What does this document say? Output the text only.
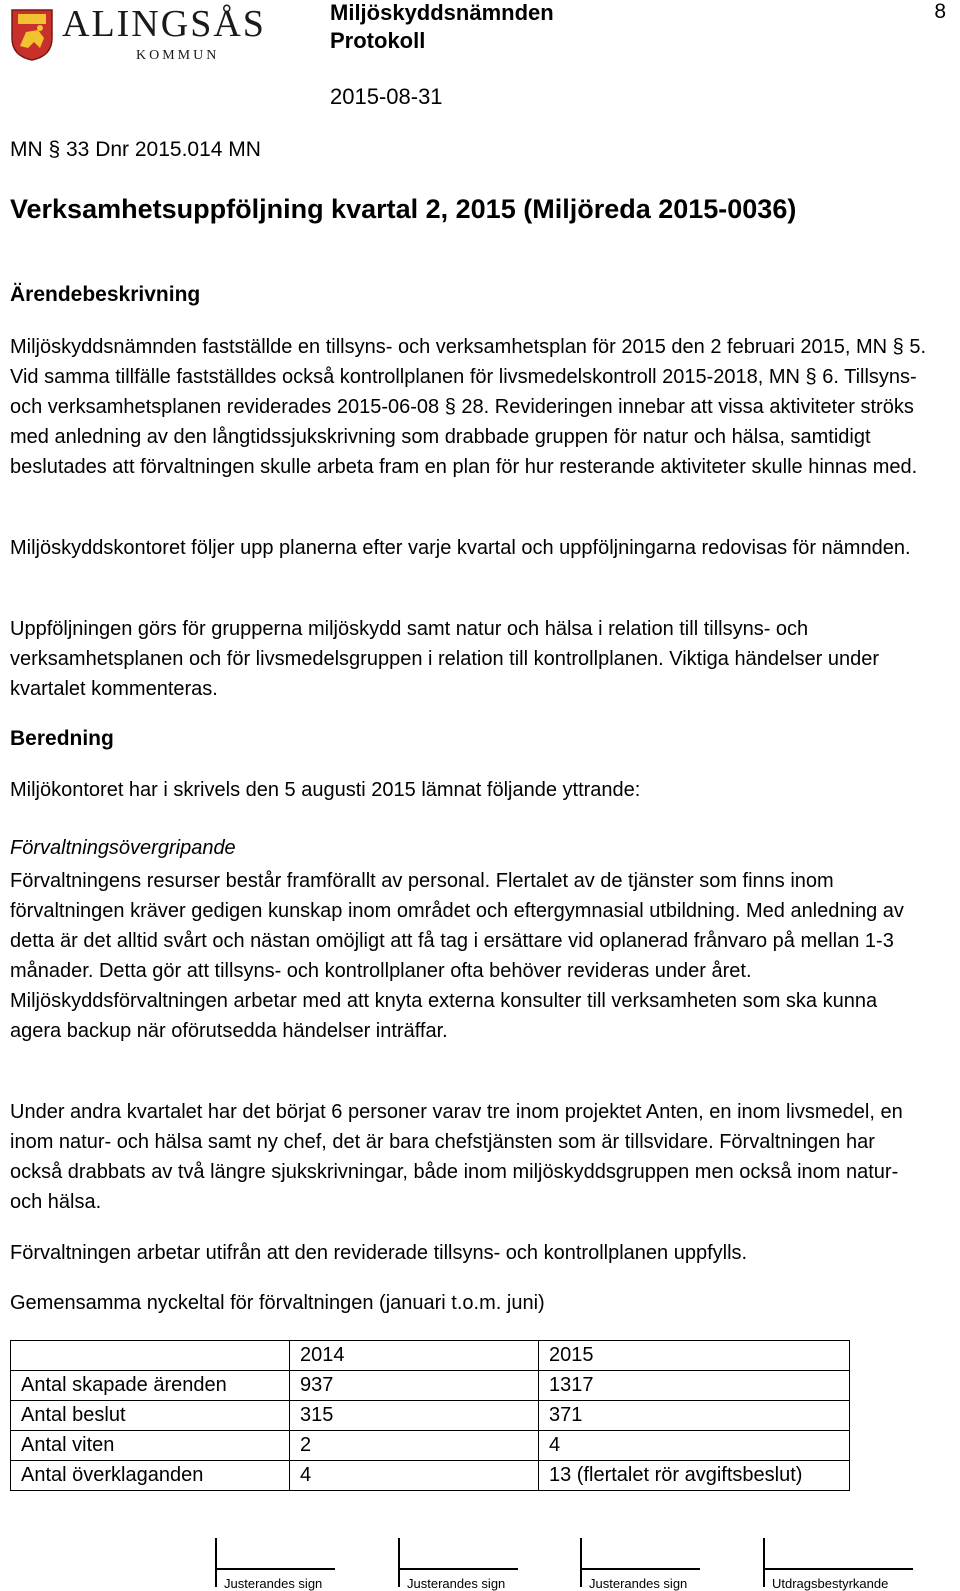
ALINGSÅS
KOMMUN
Miljöskyddsnämnden
Protokoll
8
2015-08-31
MN § 33 Dnr 2015.014 MN
Verksamhetsuppföljning kvartal 2, 2015 (Miljöreda 2015-0036)
Ärendebeskrivning

Miljöskyddsnämnden fastställde en tillsyns- och verksamhetsplan för 2015 den 2 februari 2015, MN § 5. Vid samma tillfälle fastställdes också kontrollplanen för livsmedelskontroll 2015-2018, MN § 6. Tillsyns- och verksamhetsplanen reviderades 2015-06-08 § 28. Revideringen innebar att vissa aktiviteter ströks med anledning av den långtidssjukskrivning som drabbade gruppen för natur och hälsa, samtidigt beslutades att förvaltningen skulle arbeta fram en plan för hur resterande aktiviteter skulle hinnas med.

Miljöskyddskontoret följer upp planerna efter varje kvartal och uppföljningarna redovisas för nämnden.

Uppföljningen görs för grupperna miljöskydd samt natur och hälsa i relation till tillsyns- och verksamhetsplanen och för livsmedelsgruppen i relation till kontrollplanen. Viktiga händelser under kvartalet kommenteras.

Beredning

Miljökontoret har i skrivels den 5 augusti 2015 lämnat följande yttrande:

Förvaltningsövergripande

Förvaltningens resurser består framförallt av personal. Flertalet av de tjänster som finns inom förvaltningen kräver gedigen kunskap inom området och eftergymnasial utbildning. Med anledning av detta är det alltid svårt och nästan omöjligt att få tag i ersättare vid oplanerad frånvaro på mellan 1-3 månader. Detta gör att tillsyns- och kontrollplaner ofta behöver revideras under året. Miljöskyddsförvaltningen arbetar med att knyta externa konsulter till verksamheten som ska kunna agera backup när oförutsedda händelser inträffar.

Under andra kvartalet har det börjat 6 personer varav tre inom projektet Anten, en inom livsmedel, en inom natur- och hälsa samt ny chef, det är bara chefstjänsten som är tillsvidare. Förvaltningen har också drabbats av två längre sjukskrivningar, både inom miljöskyddsgruppen men också inom natur- och hälsa.

Förvaltningen arbetar utifrån att den reviderade tillsyns- och kontrollplanen uppfylls.

Gemensamma nyckeltal för förvaltningen (januari t.o.m. juni)

	2014	2015
Antal skapade ärenden	937	1317
Antal beslut	315	371
Antal viten	2	4
Antal överklaganden	4	13 (flertalet rör avgiftsbeslut)
Justerandes sign	Justerandes sign	Justerandes sign	Utdragsbestyrkande
